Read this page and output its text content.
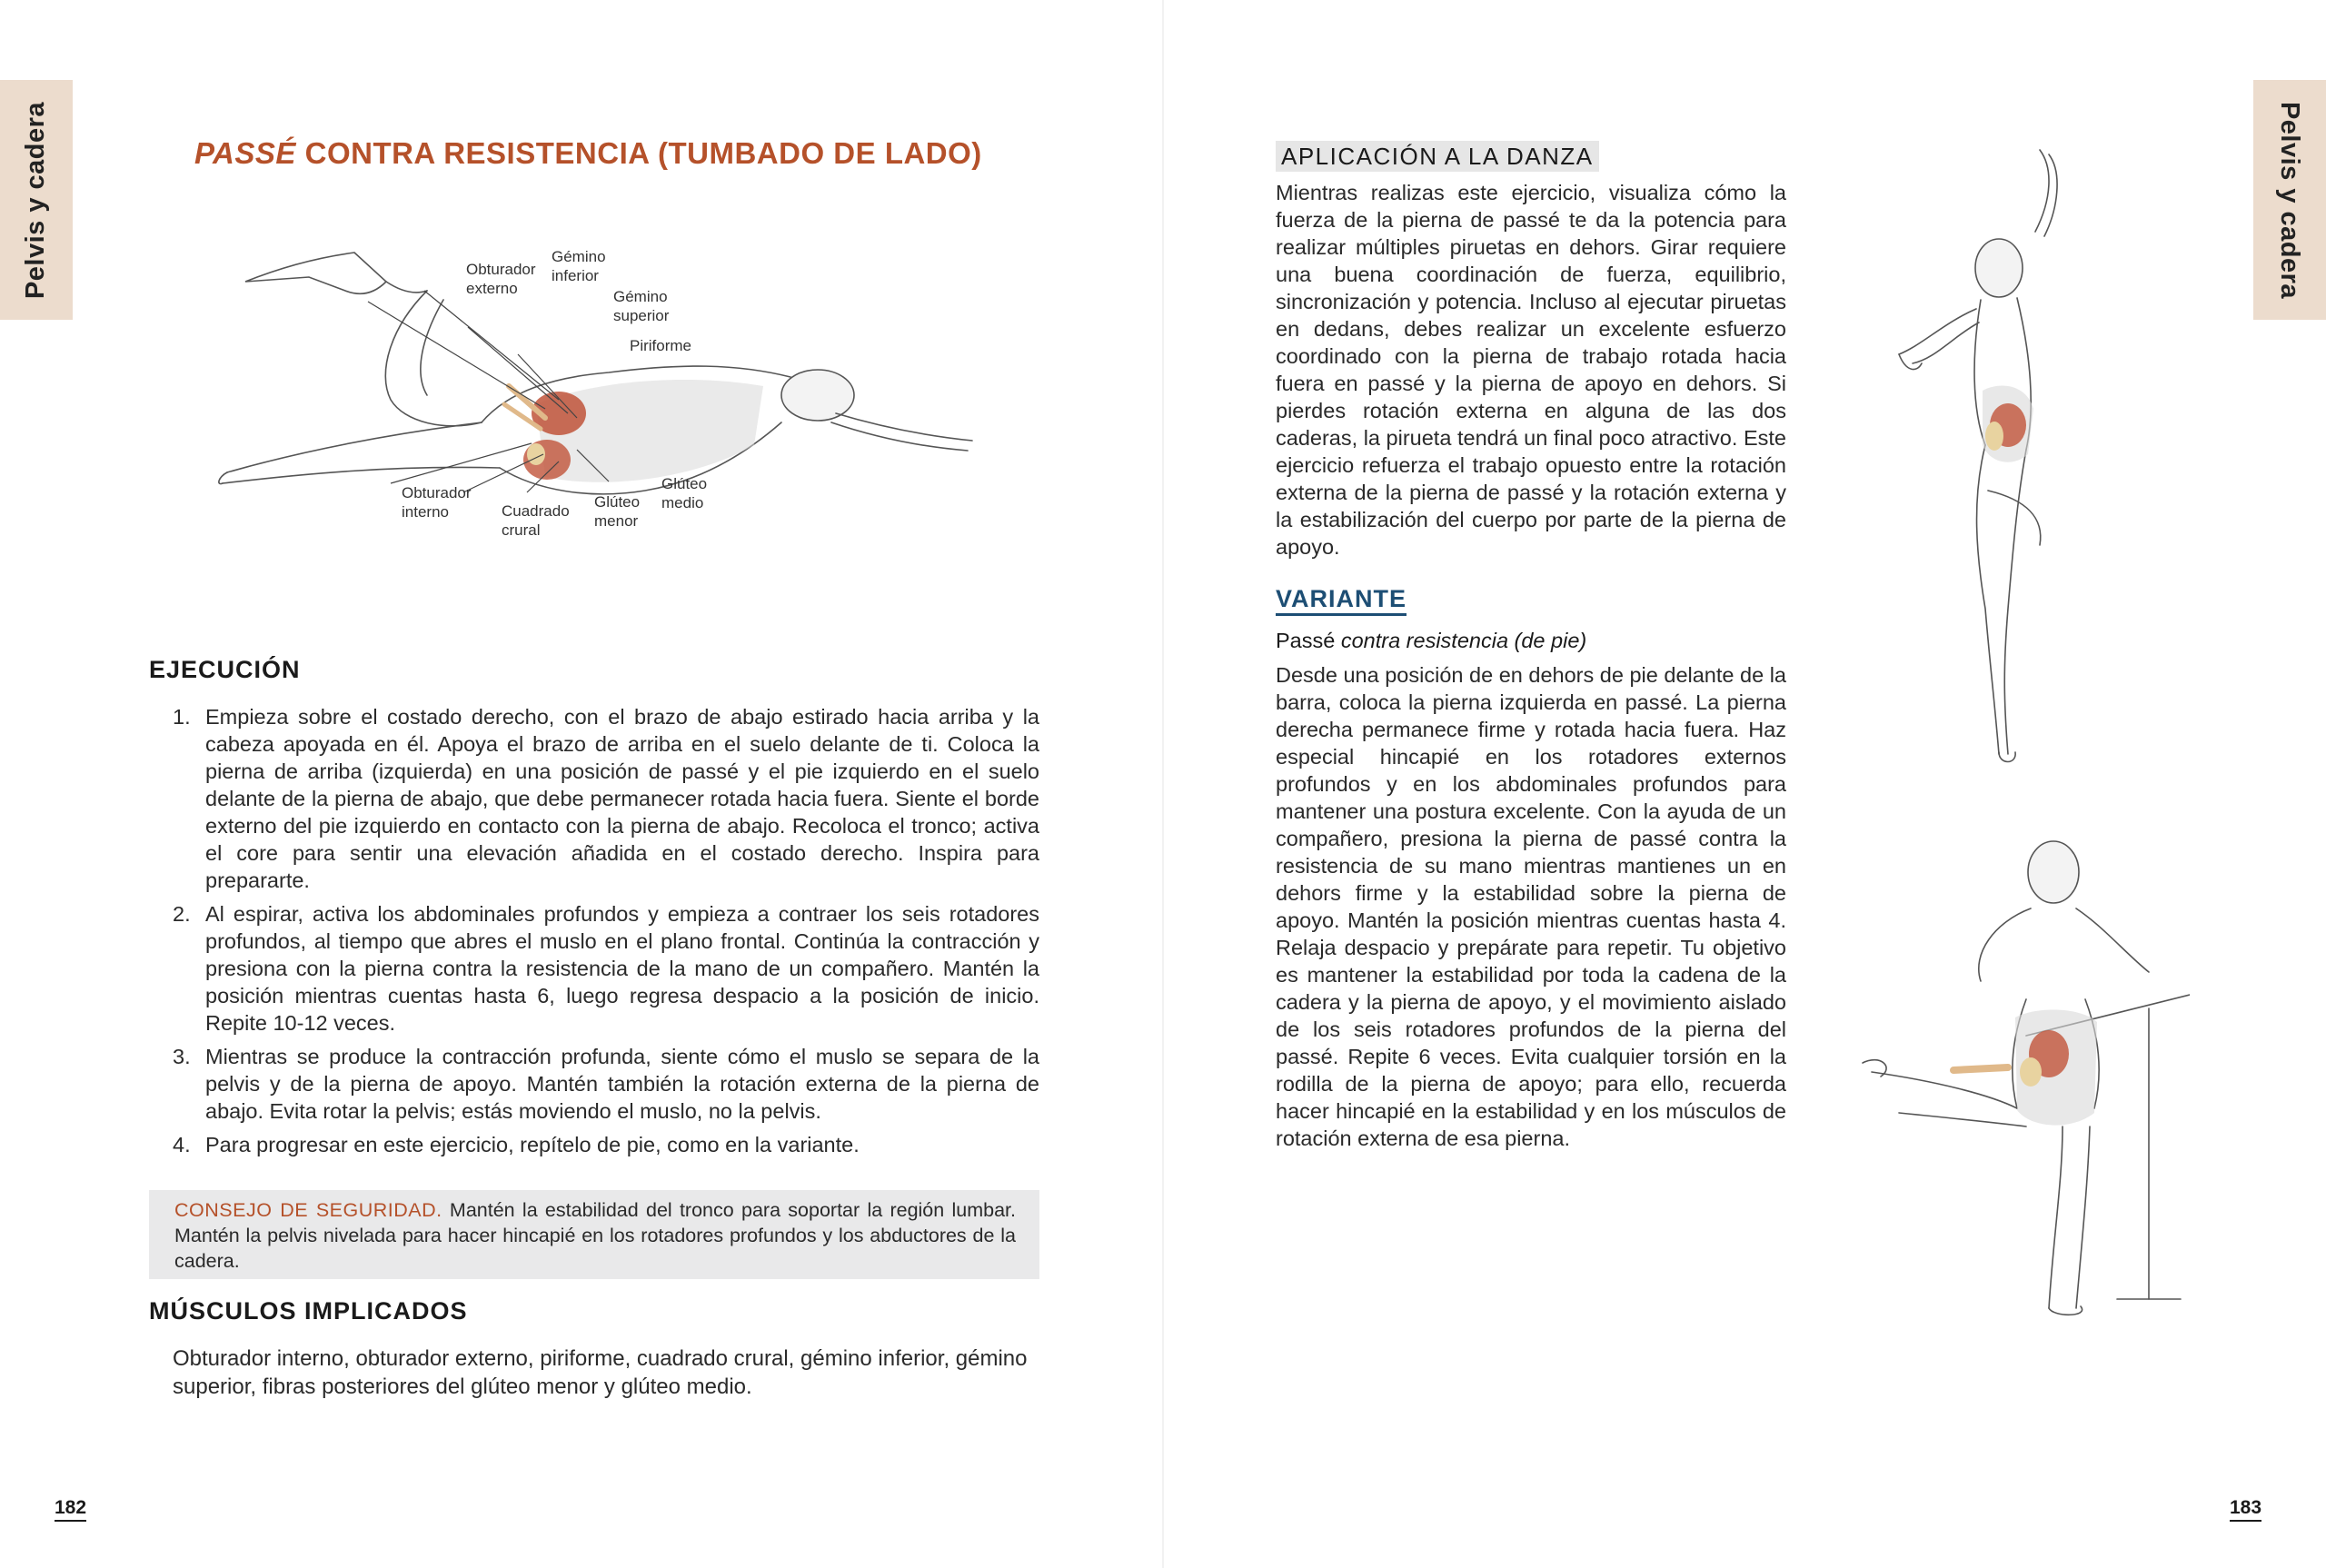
Pelvis y cadera	Pelvis y cadera
PASSÉ CONTRA RESISTENCIA (TUMBADO DE LADO)
Obturador externo
Gémino inferior
Gémino superior
Piriforme
Obturador interno	Cuadrado crural
Glúteo menor
Glúteo medio
EJECUCIÓN
1. Empieza sobre el costado derecho, con el brazo de abajo estirado hacia arriba y la cabeza apoyada en él. Apoya el brazo de arriba en el suelo delante de ti. Coloca la pierna de arriba (izquierda) en una posición de passé y el pie izquierdo en el suelo delante de la pierna de abajo, que debe permanecer rotada hacia fuera. Siente el borde externo del pie izquierdo en contacto con la pierna de abajo. Recoloca el tronco; activa el core para sentir una elevación añadida en el costado derecho. Inspira para prepararte.
2. Al espirar, activa los abdominales profundos y empieza a contraer los seis rotadores profundos, al tiempo que abres el muslo en el plano frontal. Continúa la contracción y presiona con la pierna contra la resistencia de la mano de un compañero. Mantén la posición mientras cuentas hasta 6, luego regresa despacio a la posición de inicio. Repite 10-12 veces.
3. Mientras se produce la contracción profunda, siente cómo el muslo se separa de la pelvis y de la pierna de apoyo. Mantén también la rotación externa de la pierna de abajo. Evita rotar la pelvis; estás moviendo el muslo, no la pelvis.
4. Para progresar en este ejercicio, repítelo de pie, como en la variante.
CONSEJO DE SEGURIDAD. Mantén la estabilidad del tronco para soportar la región lumbar. Mantén la pelvis nivelada para hacer hincapié en los rotadores profundos y los abductores de la cadera.
MÚSCULOS IMPLICADOS

Obturador interno, obturador externo, piriforme, cuadrado crural, gémino inferior, gémino superior, fibras posteriores del glúteo menor y glúteo medio.

182
APLICACIÓN A LA DANZA

Mientras realizas este ejercicio, visualiza cómo la fuerza de la pierna de passé te da la potencia para realizar múltiples piruetas en dehors. Girar requiere una buena coordinación de fuerza, equilibrio, sincronización y potencia. Incluso al ejecutar piruetas en dedans, debes realizar un excelente esfuerzo coordinado con la pierna de trabajo rotada hacia fuera en passé y la pierna de apoyo en dehors. Si pierdes rotación externa en alguna de las dos caderas, la pirueta tendrá un final poco atractivo. Este ejercicio refuerza el trabajo opuesto entre la rotación externa de la pierna de passé y la rotación externa y la estabilización del cuerpo por parte de la pierna de apoyo.

VARIANTE

Passé contra resistencia (de pie)

Desde una posición de en dehors de pie delante de la barra, coloca la pierna izquierda en passé. La pierna derecha permanece firme y rotada hacia fuera. Haz especial hincapié en los rotadores externos profundos y en los abdominales profundos para mantener una postura excelente. Con la ayuda de un compañero, presiona la pierna de passé contra la resistencia de su mano mientras mantienes un en dehors firme y la estabilidad sobre la pierna de apoyo. Mantén la posición mientras cuentas hasta 4. Relaja despacio y prepárate para repetir. Tu objetivo es mantener la estabilidad por toda la cadena de la cadera y la pierna de apoyo, y el movimiento aislado de los seis rotadores profundos de la pierna del passé. Repite 6 veces. Evita cualquier torsión en la rodilla de la pierna de apoyo; para ello, recuerda hacer hincapié en la estabilidad y en los músculos de rotación externa de esa pierna.

183
